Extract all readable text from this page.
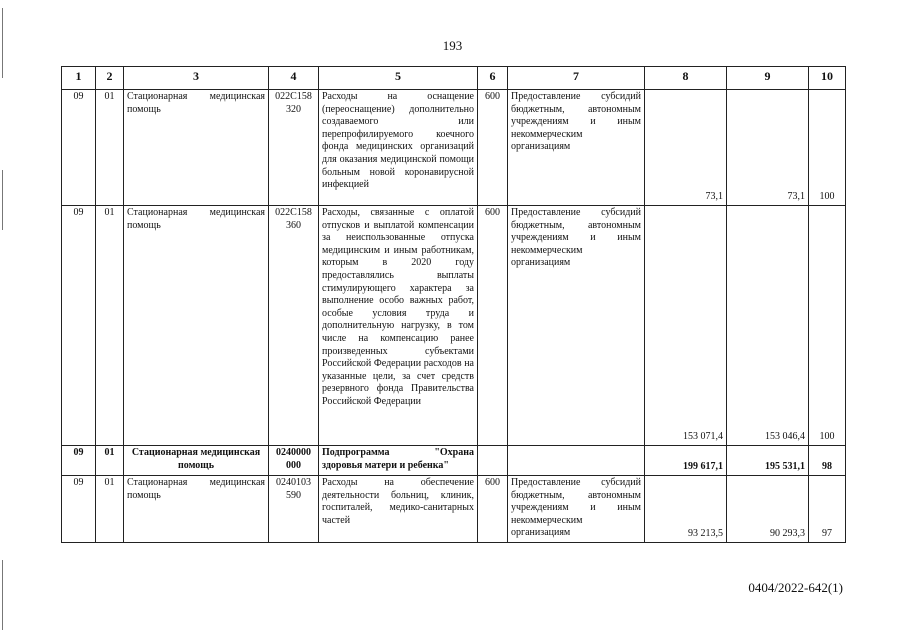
193
1	2	3	4	5	6	7	8	9	10
09	01	Стационарная медицинская помощь	022С158 320	Расходы на оснащение (переоснащение) дополнительно создаваемого или перепрофилируемого коечного фонда медицинских организаций для оказания медицинской помощи больным новой коронавирусной инфекцией	600	Предоставление субсидий бюджетным, автономным учреждениям и иным некоммерческим организациям	73,1	73,1	100
09	01	Стационарная медицинская помощь	022С158 360	Расходы, связанные с оплатой отпусков и выплатой компенсации за неиспользованные отпуска медицинским и иным работникам, которым в 2020 году предоставлялись выплаты стимулирующего характера за выполнение особо важных работ, особые условия труда и дополнительную нагрузку, в том числе на компенсацию ранее произведенных субъектами Российской Федерации расходов на указанные цели, за счет средств резервного фонда Правительства Российской Федерации	600	Предоставление субсидий бюджетным, автономным учреждениям и иным некоммерческим организациям	153 071,4	153 046,4	100
09	01	Стационарная медицинская помощь	0240000 000	Подпрограмма "Охрана здоровья матери и ребенка"			199 617,1	195 531,1	98
09	01	Стационарная медицинская помощь	0240103 590	Расходы на обеспечение деятельности больниц, клиник, госпиталей, медико-санитарных частей	600	Предоставление субсидий бюджетным, автономным учреждениям и иным некоммерческим организациям	93 213,5	90 293,3	97
0404/2022-642(1)
